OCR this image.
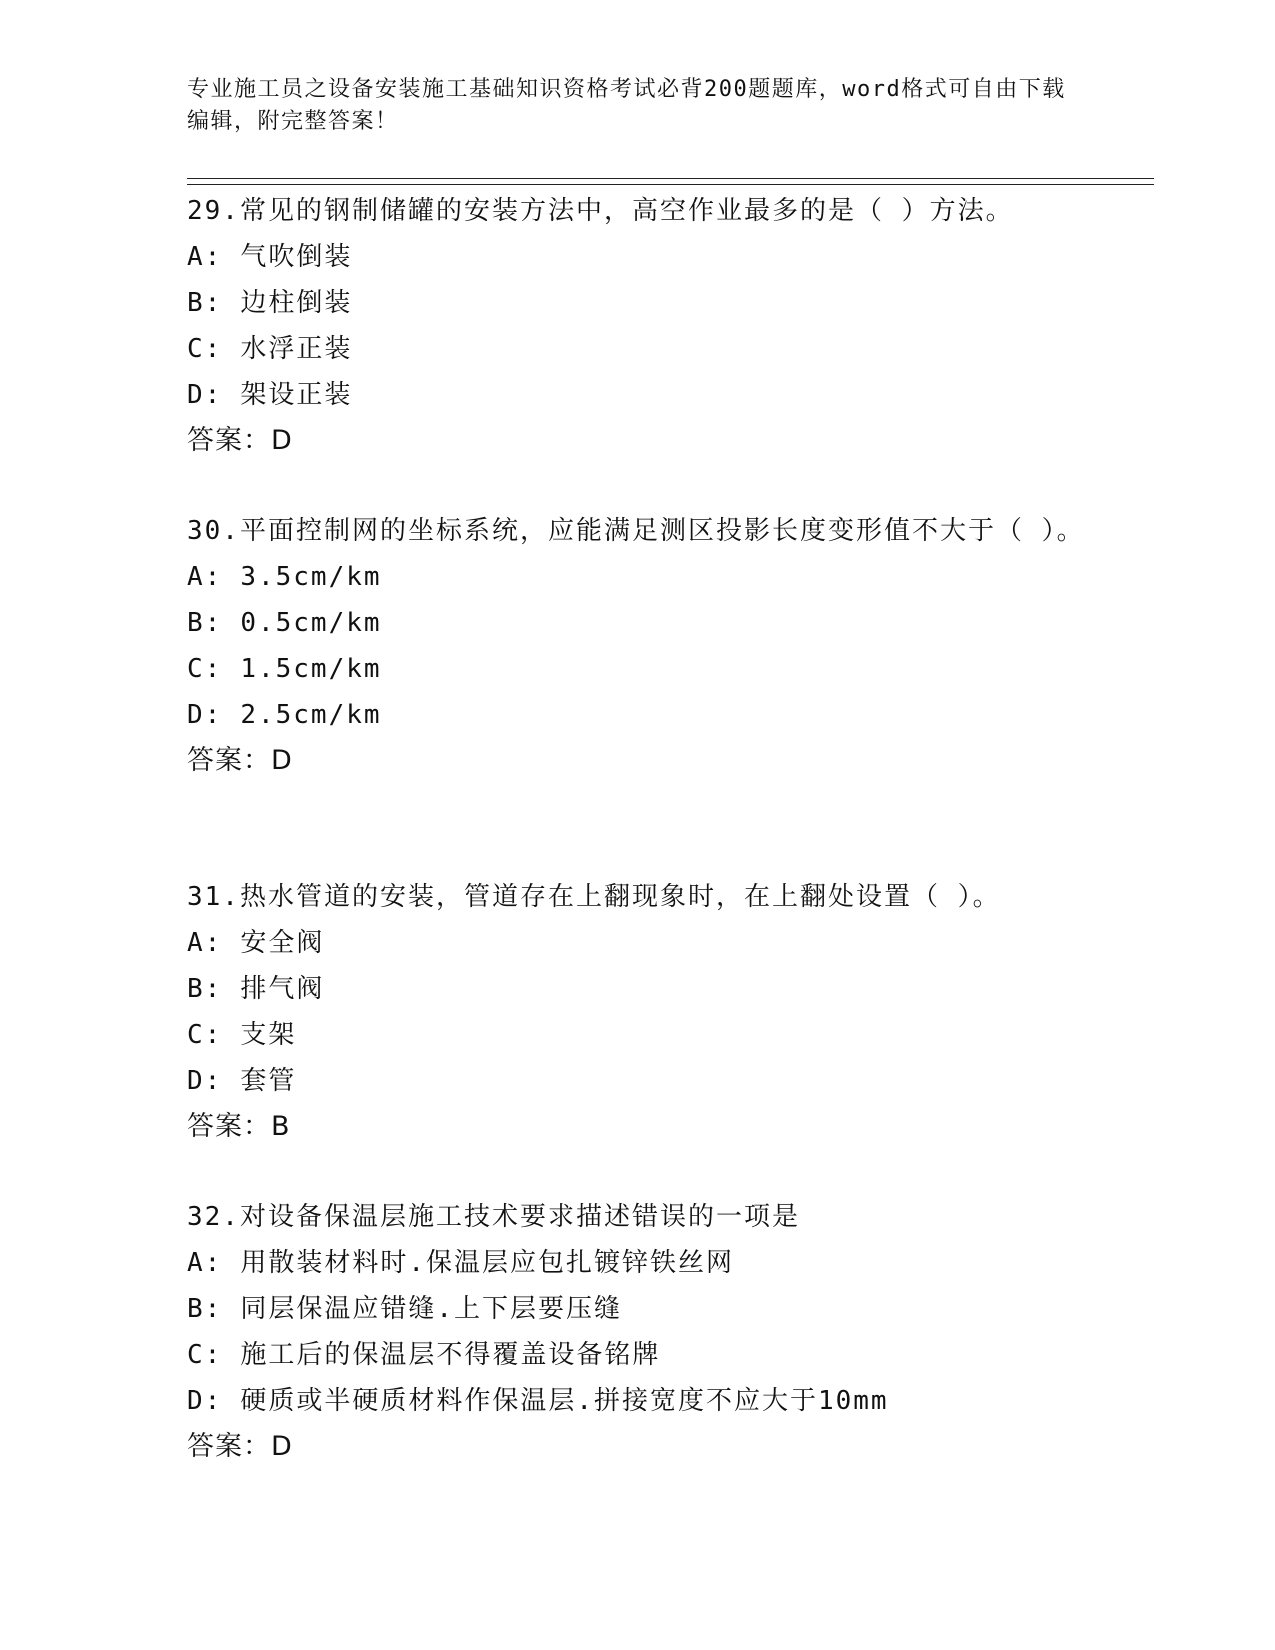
专业施工员之设备安装施工基础知识资格考试必背200题题库，word格式可自由下载编辑，附完整答案！

29.常见的钢制储罐的安装方法中，高空作业最多的是（ ）方法。

A: 气吹倒装

B: 边柱倒装

C: 水浮正装

D: 架设正装

答案：D

30.平面控制网的坐标系统，应能满足测区投影长度变形值不大于（ ）。

A: 3.5cm/km

B: 0.5cm/km

C: 1.5cm/km

D: 2.5cm/km

答案：D

31.热水管道的安装，管道存在上翻现象时，在上翻处设置（ ）。

A: 安全阀

B: 排气阀

C: 支架

D: 套管

答案：B

32.对设备保温层施工技术要求描述错误的一项是

A: 用散装材料时.保温层应包扎镀锌铁丝网

B: 同层保温应错缝.上下层要压缝

C: 施工后的保温层不得覆盖设备铭牌

D: 硬质或半硬质材料作保温层.拼接宽度不应大于10mm

答案：D
